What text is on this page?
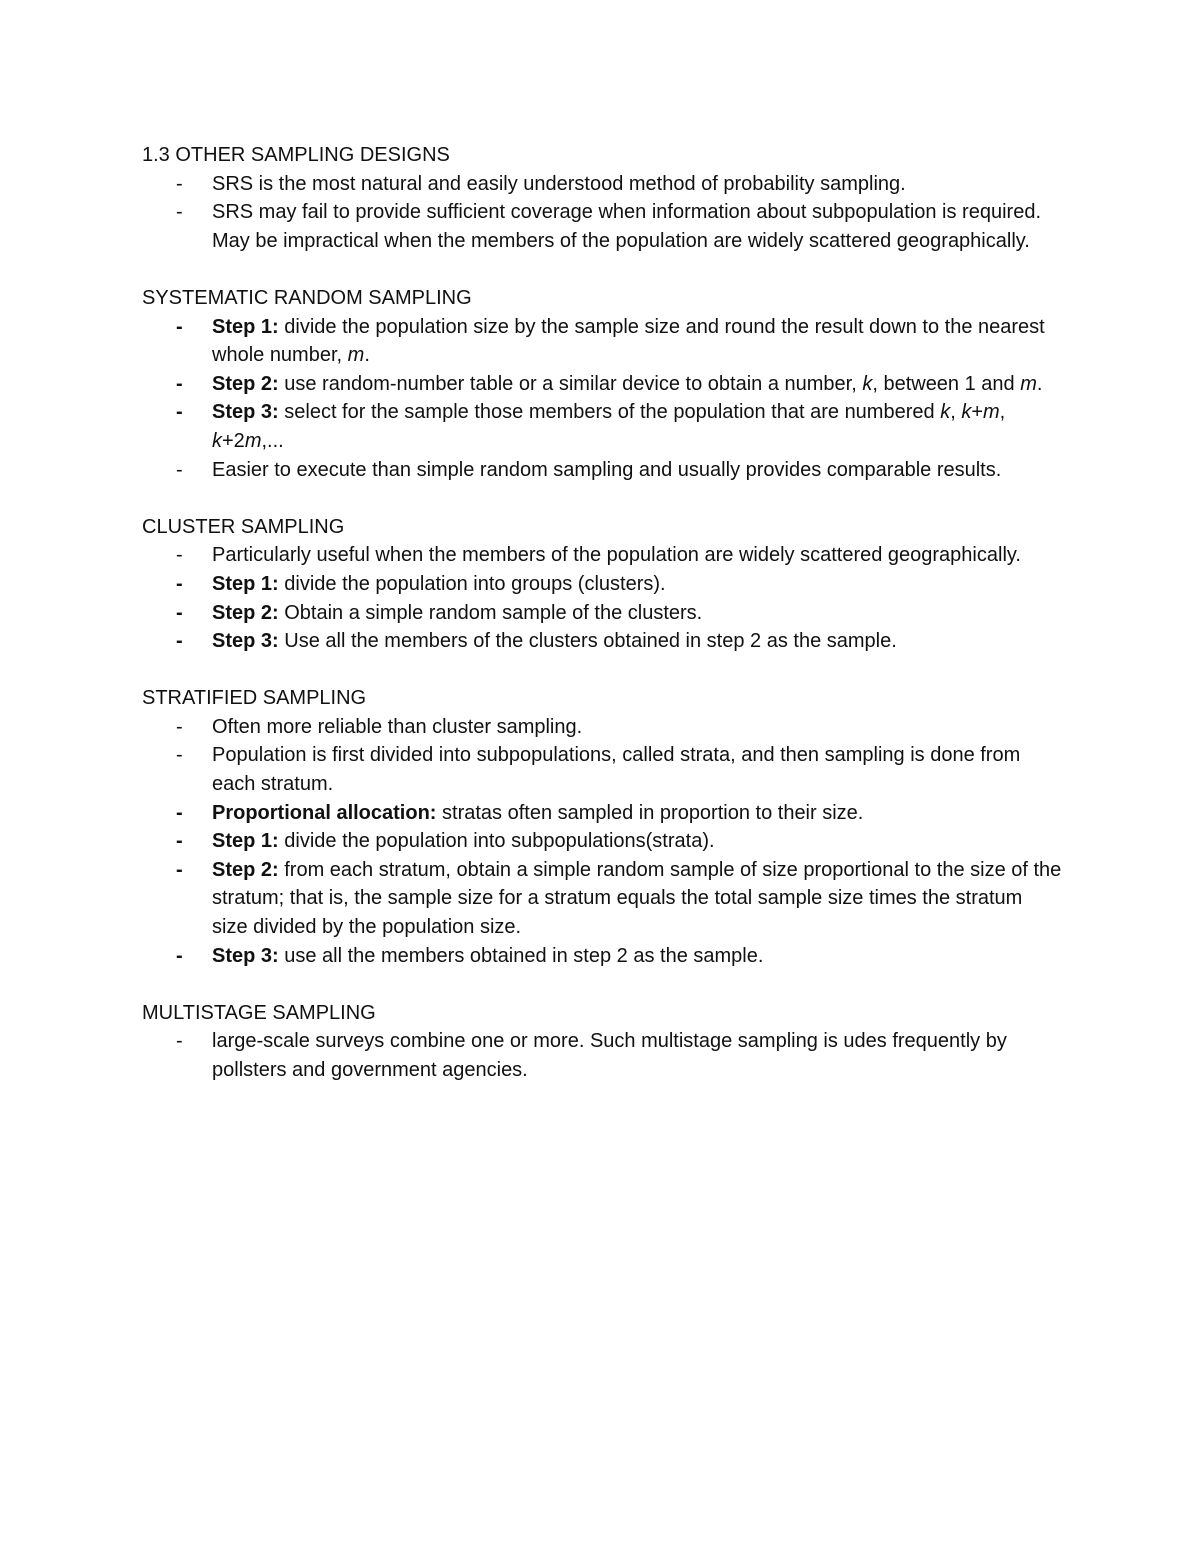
1.3 OTHER SAMPLING DESIGNS
- SRS is the most natural and easily understood method of probability sampling.
- SRS may fail to provide sufficient coverage when information about subpopulation is required. May be impractical when the members of the population are widely scattered geographically.
SYSTEMATIC RANDOM SAMPLING
- Step 1: divide the population size by the sample size and round the result down to the nearest whole number, m.
- Step 2: use random-number table or a similar device to obtain a number, k, between 1 and m.
- Step 3: select for the sample those members of the population that are numbered k, k+m, k+2m,...
- Easier to execute than simple random sampling and usually provides comparable results.
CLUSTER SAMPLING
- Particularly useful when the members of the population are widely scattered geographically.
- Step 1: divide the population into groups (clusters).
- Step 2: Obtain a simple random sample of the clusters.
- Step 3: Use all the members of the clusters obtained in step 2 as the sample.
STRATIFIED SAMPLING
- Often more reliable than cluster sampling.
- Population is first divided into subpopulations, called strata, and then sampling is done from each stratum.
- Proportional allocation: stratas often sampled in proportion to their size.
- Step 1: divide the population into subpopulations(strata).
- Step 2: from each stratum, obtain a simple random sample of size proportional to the size of the stratum; that is, the sample size for a stratum equals the total sample size times the stratum size divided by the population size.
- Step 3: use all the members obtained in step 2 as the sample.
MULTISTAGE SAMPLING
- large-scale surveys combine one or more. Such multistage sampling is udes frequently by pollsters and government agencies.
